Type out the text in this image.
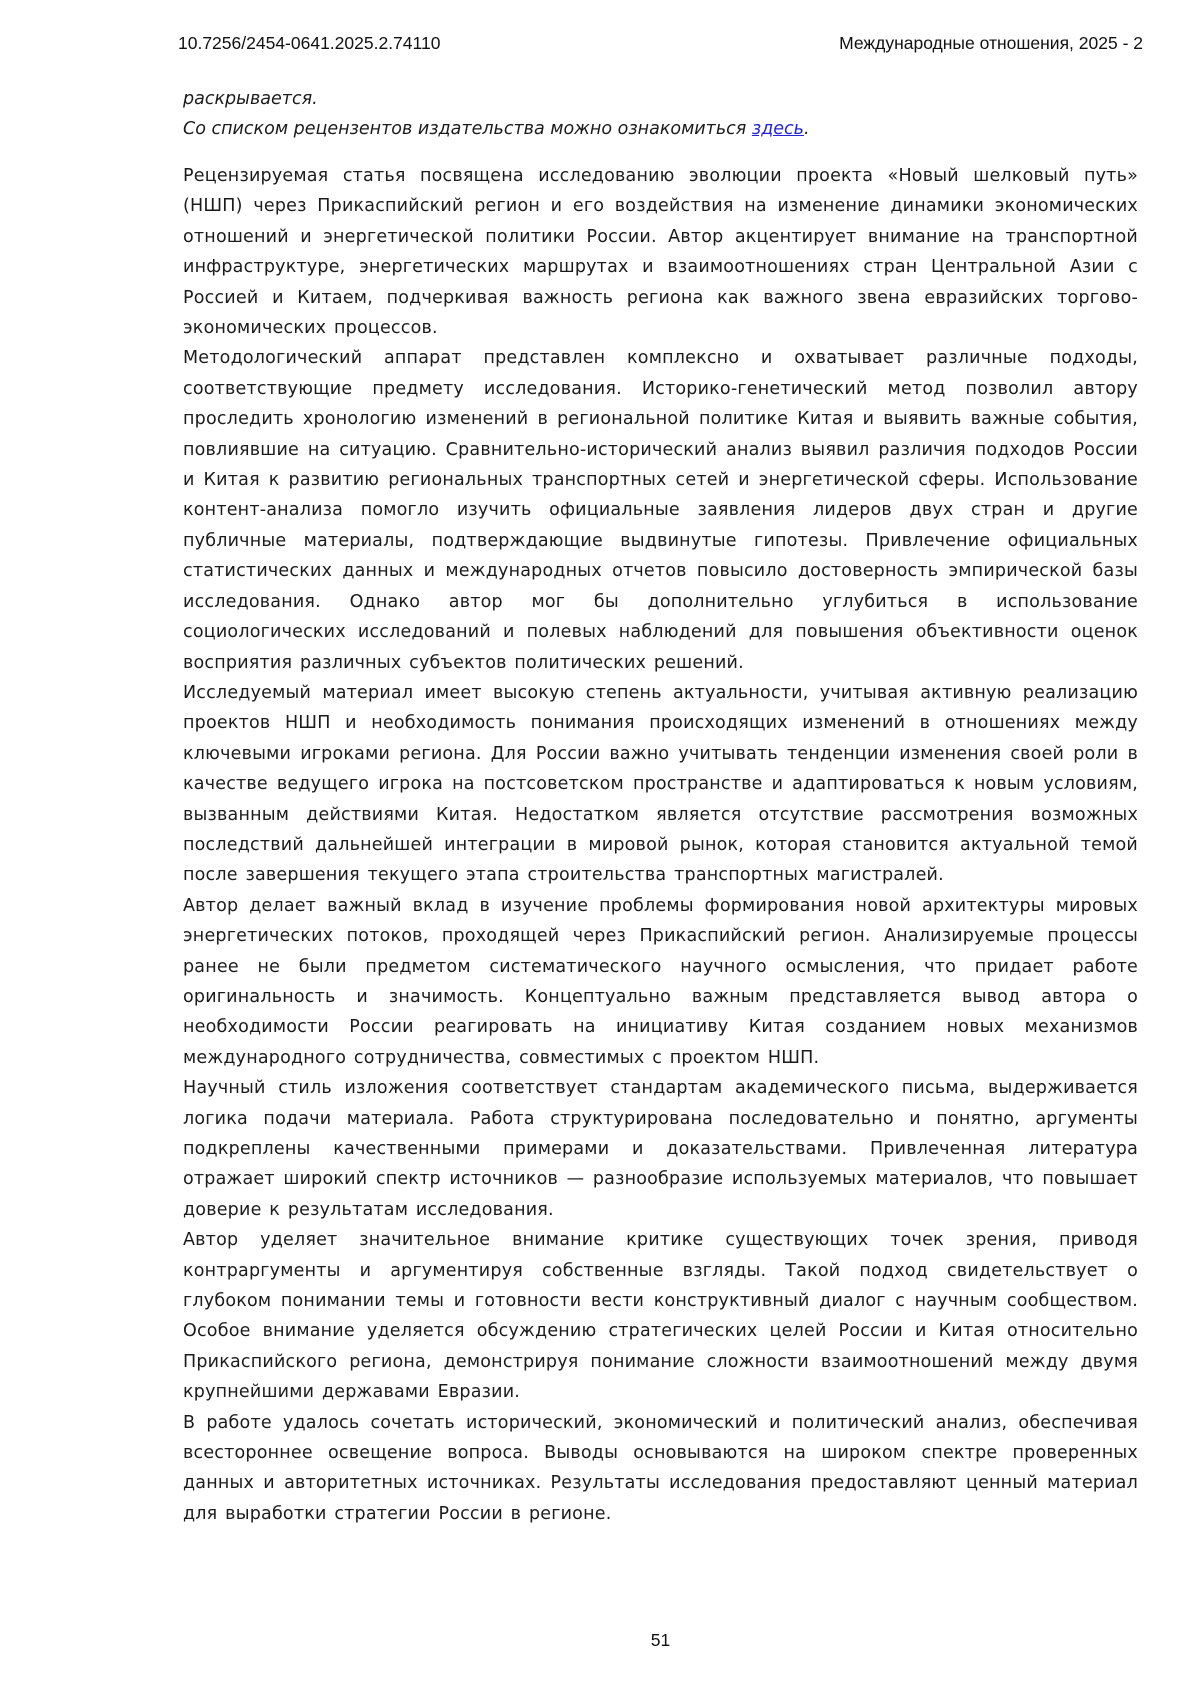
10.7256/2454-0641.2025.2.74110	Международные отношения, 2025 - 2

раскрывается.

Со списком рецензентов издательства можно ознакомиться здесь.

Рецензируемая статья посвящена исследованию эволюции проекта «Новый шелковый путь» (НШП) через Прикаспийский регион и его воздействия на изменение динамики экономических отношений и энергетической политики России. Автор акцентирует внимание на транспортной инфраструктуре, энергетических маршрутах и взаимоотношениях стран Центральной Азии с Россией и Китаем, подчеркивая важность региона как важного звена евразийских торгово-экономических процессов.

Методологический аппарат представлен комплексно и охватывает различные подходы, соответствующие предмету исследования. Историко-генетический метод позволил автору проследить хронологию изменений в региональной политике Китая и выявить важные события, повлиявшие на ситуацию. Сравнительно-исторический анализ выявил различия подходов России и Китая к развитию региональных транспортных сетей и энергетической сферы. Использование контент-анализа помогло изучить официальные заявления лидеров двух стран и другие публичные материалы, подтверждающие выдвинутые гипотезы. Привлечение официальных статистических данных и международных отчетов повысило достоверность эмпирической базы исследования. Однако автор мог бы дополнительно углубиться в использование социологических исследований и полевых наблюдений для повышения объективности оценок восприятия различных субъектов политических решений.

Исследуемый материал имеет высокую степень актуальности, учитывая активную реализацию проектов НШП и необходимость понимания происходящих изменений в отношениях между ключевыми игроками региона. Для России важно учитывать тенденции изменения своей роли в качестве ведущего игрока на постсоветском пространстве и адаптироваться к новым условиям, вызванным действиями Китая. Недостатком является отсутствие рассмотрения возможных последствий дальнейшей интеграции в мировой рынок, которая становится актуальной темой после завершения текущего этапа строительства транспортных магистралей.

Автор делает важный вклад в изучение проблемы формирования новой архитектуры мировых энергетических потоков, проходящей через Прикаспийский регион. Анализируемые процессы ранее не были предметом систематического научного осмысления, что придает работе оригинальность и значимость. Концептуально важным представляется вывод автора о необходимости России реагировать на инициативу Китая созданием новых механизмов международного сотрудничества, совместимых с проектом НШП.

Научный стиль изложения соответствует стандартам академического письма, выдерживается логика подачи материала. Работа структурирована последовательно и понятно, аргументы подкреплены качественными примерами и доказательствами. Привлеченная литература отражает широкий спектр источников — разнообразие используемых материалов, что повышает доверие к результатам исследования.

Автор уделяет значительное внимание критике существующих точек зрения, приводя контраргументы и аргументируя собственные взгляды. Такой подход свидетельствует о глубоком понимании темы и готовности вести конструктивный диалог с научным сообществом. Особое внимание уделяется обсуждению стратегических целей России и Китая относительно Прикаспийского региона, демонстрируя понимание сложности взаимоотношений между двумя крупнейшими державами Евразии.

В работе удалось сочетать исторический, экономический и политический анализ, обеспечивая всестороннее освещение вопроса. Выводы основываются на широком спектре проверенных данных и авторитетных источниках. Результаты исследования предоставляют ценный материал для выработки стратегии России в регионе.

51
